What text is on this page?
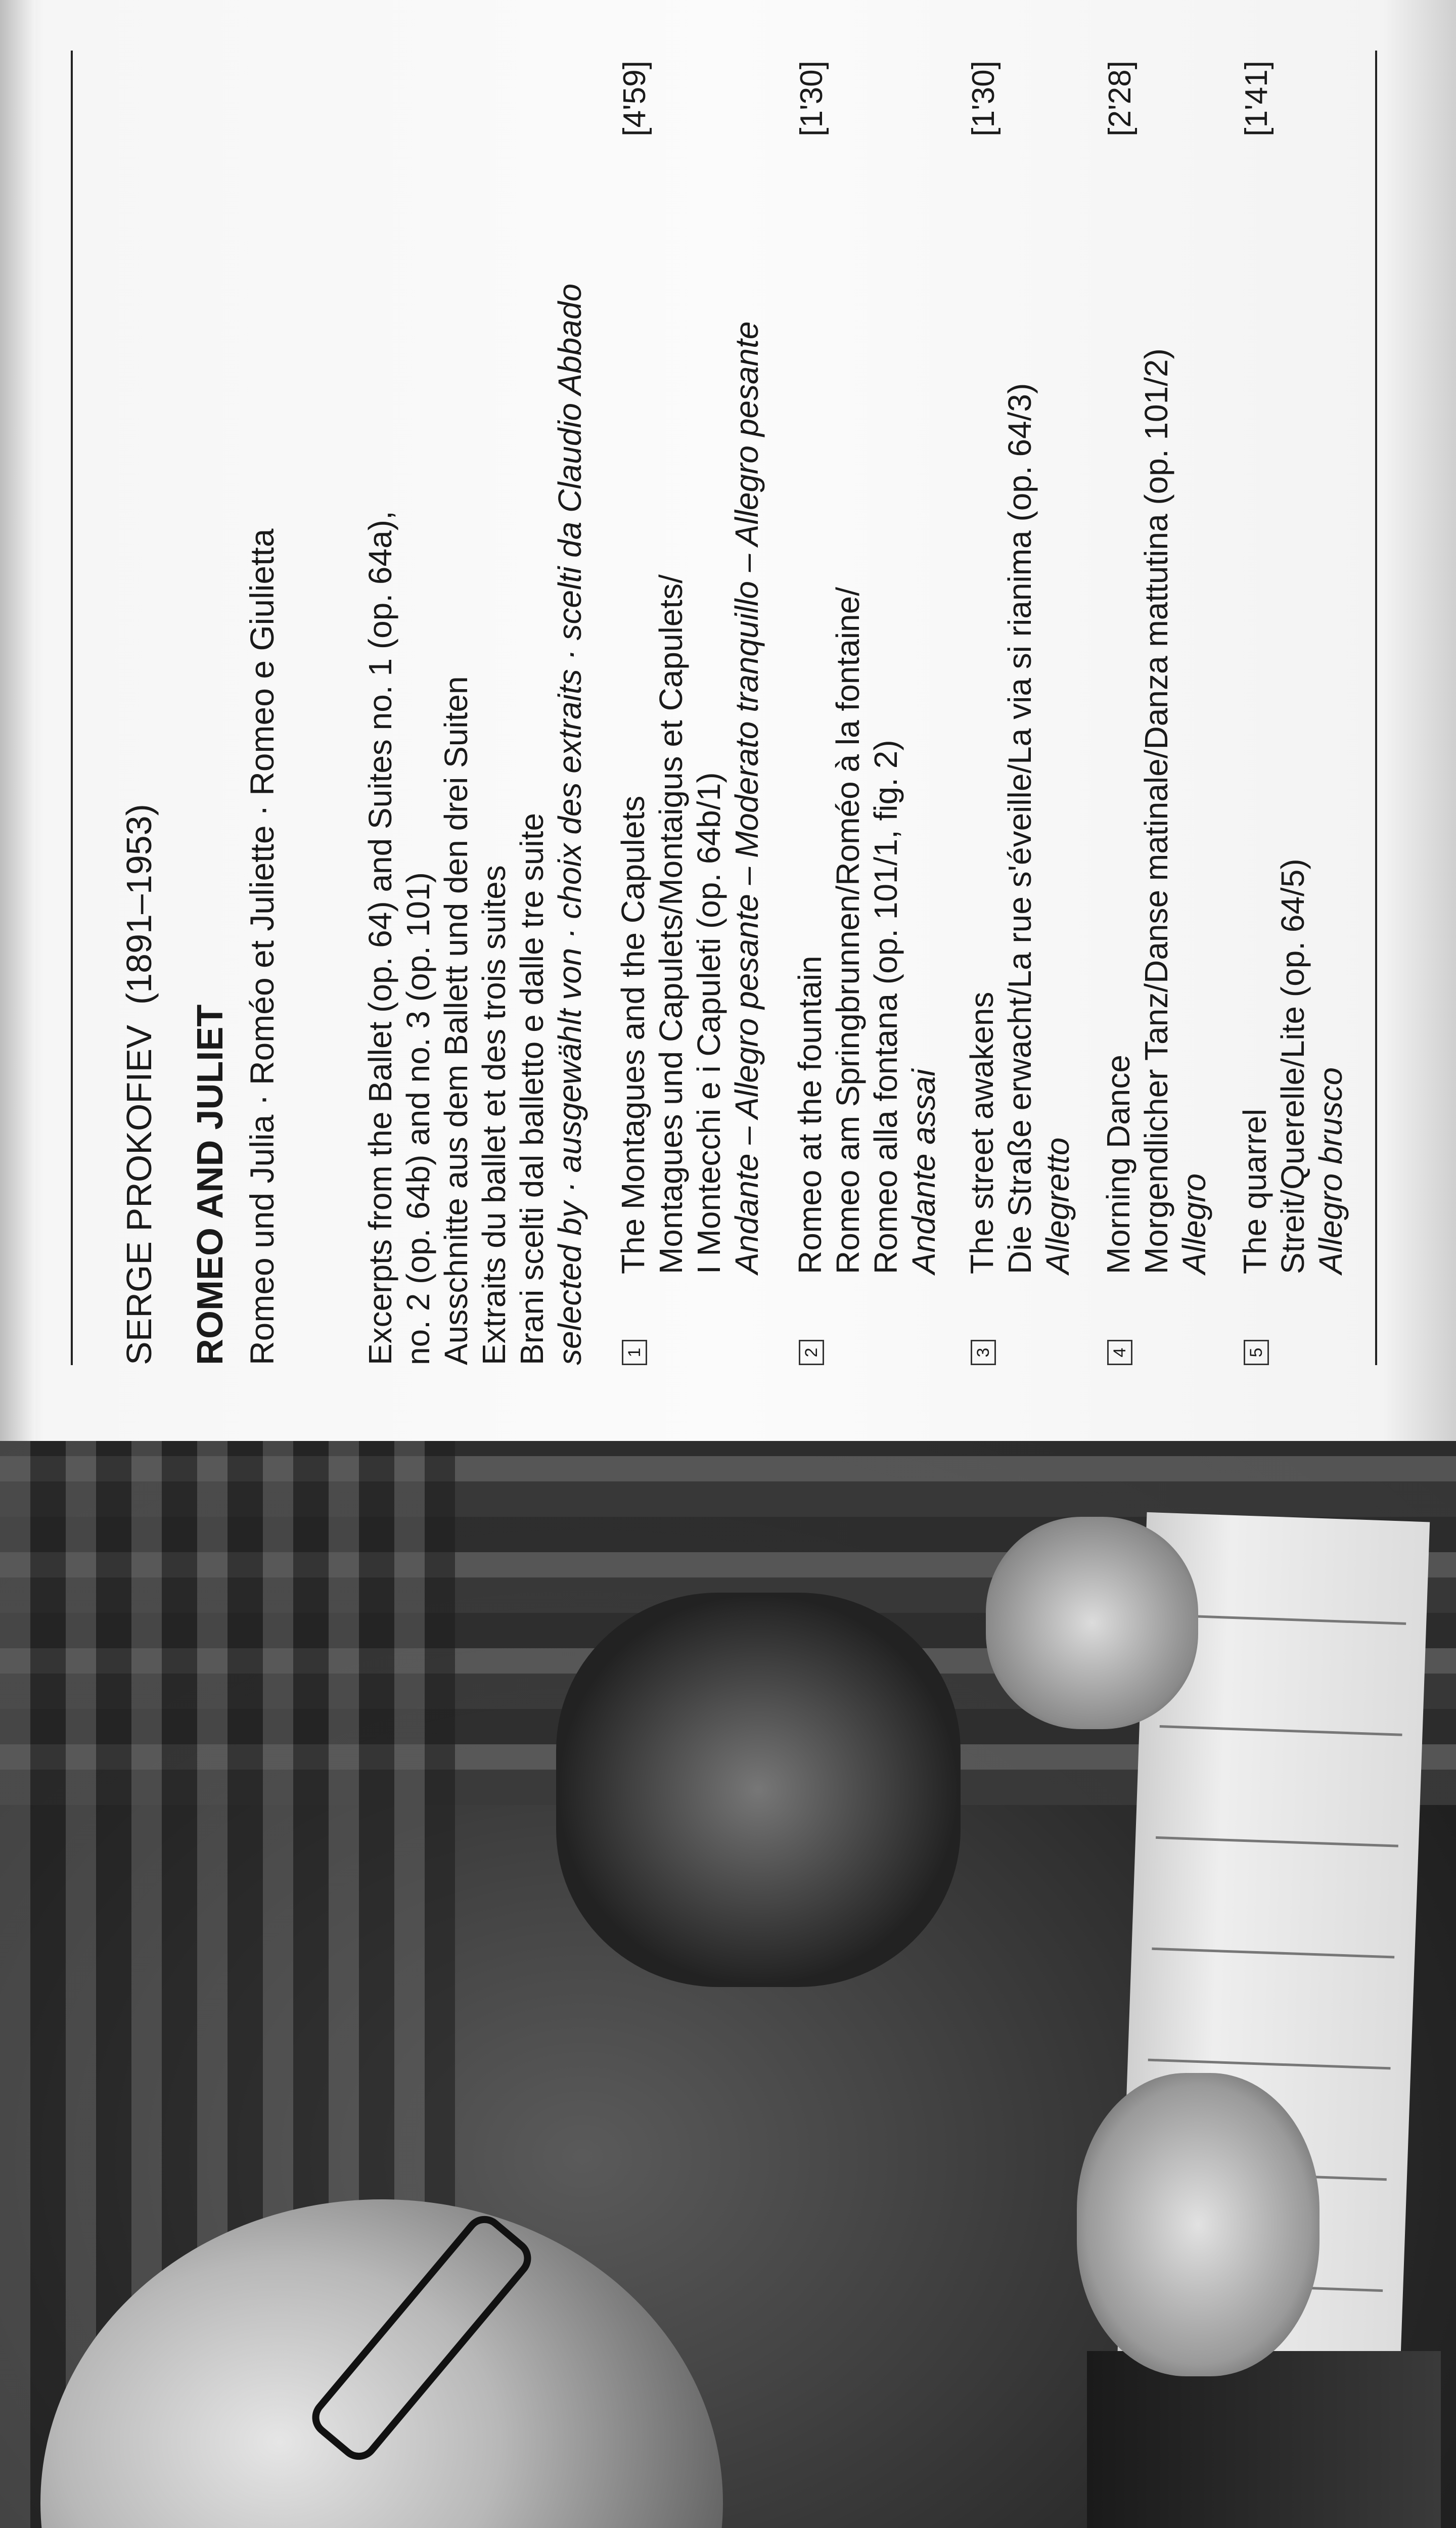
SERGE PROKOFIEV(1891–1953)
ROMEO AND JULIET Romeo und Julia · Roméo et Juliette · Romeo e Giulietta	Excerpts from the Ballet (op. 64) and Suites no. 1 (op. 64a), no. 2 (op. 64b) and no. 3 (op. 101) Ausschnitte aus dem Ballett und den drei Suiten Extraits du ballet et des trois suites Brani scelti dal balletto e dalle tre suite selected by · ausgewählt von · choix des extraits · scelti da Claudio Abbado 1
The Montagues and the Capulets Montagues und Capulets/Montaigus et Capulets/ I Montecchi e i Capuleti (op. 64b/1) Andante – Allegro pesante – Moderato tranquillo – Allegro pesante
[4'59]
2
Romeo at the fountain Romeo am Springbrunnen/Roméo à la fontaine/ Romeo alla fontana (op. 101/1, fig. 2) Andante assai
[1'30]
3
The street awakens Die Straße erwacht/La rue s'éveille/La via si rianima (op. 64/3) Allegretto
[1'30]
4
Morning Dance Morgendlicher Tanz/Danse matinale/Danza mattutina (op. 101/2) Allegro
[2'28]
5
The quarrel Streit/Querelle/Lite (op. 64/5) Allegro brusco
[1'41]
